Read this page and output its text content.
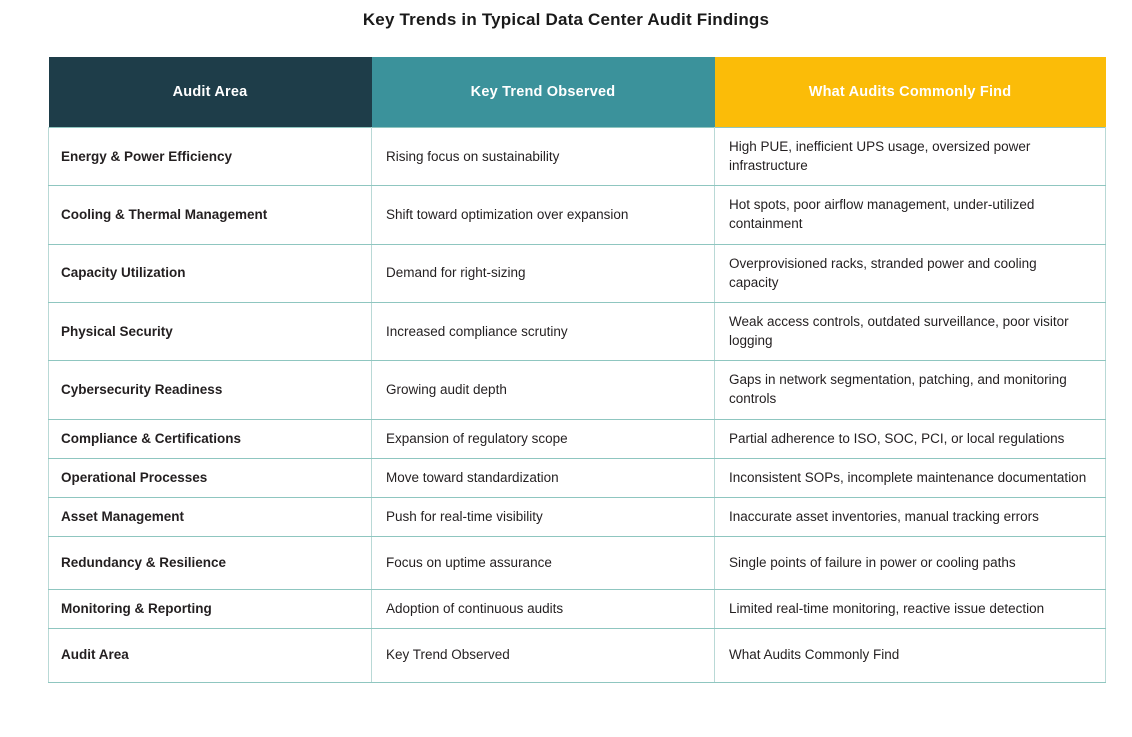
Key Trends in Typical Data Center Audit Findings
Audit Area	Key Trend Observed	What Audits Commonly Find
Energy & Power Efficiency	Rising focus on sustainability	High PUE, inefficient UPS usage, oversized power infrastructure
Cooling & Thermal Management	Shift toward optimization over expansion	Hot spots, poor airflow management, under-utilized containment
Capacity Utilization	Demand for right-sizing	Overprovisioned racks, stranded power and cooling capacity
Physical Security	Increased compliance scrutiny	Weak access controls, outdated surveillance, poor visitor logging
Cybersecurity Readiness	Growing audit depth	Gaps in network segmentation, patching, and monitoring controls
Compliance & Certifications	Expansion of regulatory scope	Partial adherence to ISO, SOC, PCI, or local regulations
Operational Processes	Move toward standardization	Inconsistent SOPs, incomplete maintenance documentation
Asset Management	Push for real-time visibility	Inaccurate asset inventories, manual tracking errors
Redundancy & Resilience	Focus on uptime assurance	Single points of failure in power or cooling paths
Monitoring & Reporting	Adoption of continuous audits	Limited real-time monitoring, reactive issue detection
Audit Area	Key Trend Observed	What Audits Commonly Find
